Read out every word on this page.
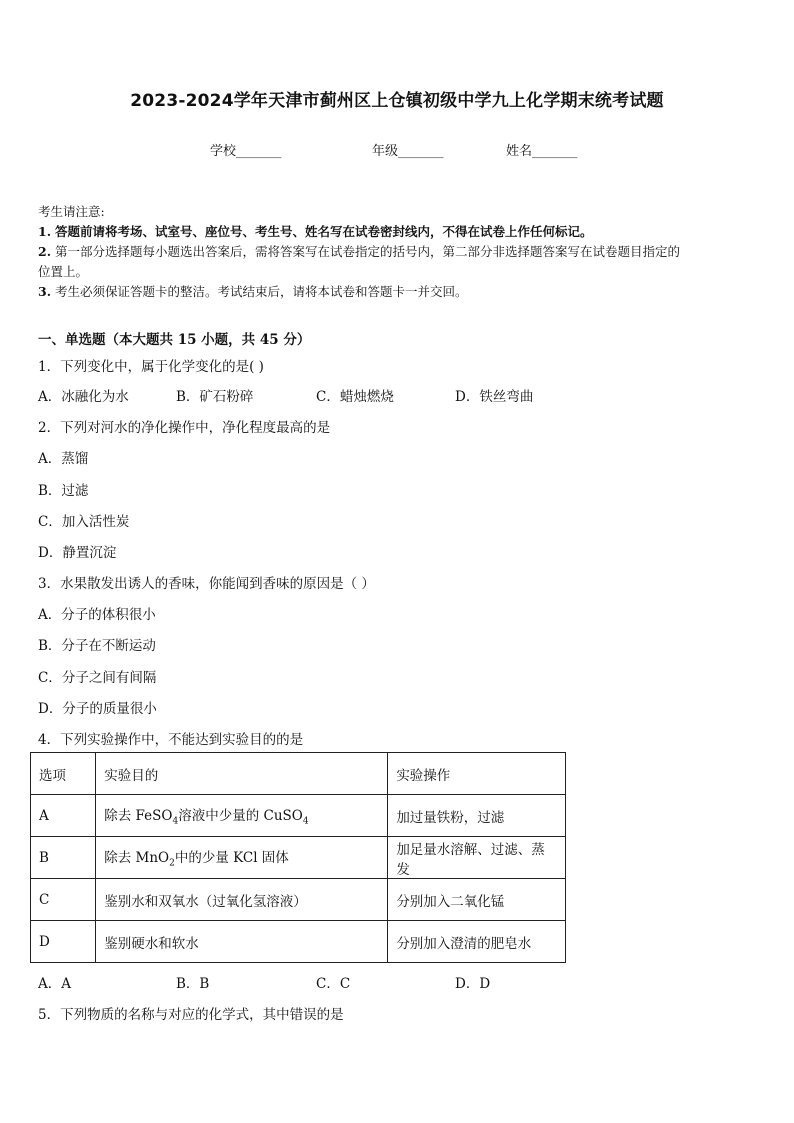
2023-2024学年天津市蓟州区上仓镇初级中学九上化学期末统考试题
学校_______	年级_______	姓名_______
考生请注意:
1. 答题前请将考场、试室号、座位号、考生号、姓名写在试卷密封线内，不得在试卷上作任何标记。
2. 第一部分选择题每小题选出答案后，需将答案写在试卷指定的括号内，第二部分非选择题答案写在试卷题目指定的
位置上。
3. 考生必须保证答题卡的整洁。考试结束后，请将本试卷和答题卡一并交回。
一、单选题（本大题共 15 小题，共 45 分）
1．下列变化中，属于化学变化的是( )
A．冰融化为水	B．矿石粉碎	C．蜡烛燃烧	D．铁丝弯曲
2．下列对河水的净化操作中，净化程度最高的是
A．蒸馏
B．过滤
C．加入活性炭
D．静置沉淀
3．水果散发出诱人的香味，你能闻到香味的原因是（ ）
A．分子的体积很小
B．分子在不断运动
C．分子之间有间隔
D．分子的质量很小
4．下列实验操作中，不能达到实验目的的是
选项	实验目的	实验操作
A	除去 FeSO$_4$溶液中少量的 CuSO$_4$	加过量铁粉，过滤
B	除去 MnO$_2$中的少量 KCl 固体	加足量水溶解、过滤、蒸发
C	鉴别水和双氧水（过氧化氢溶液）	分别加入二氧化锰
D	鉴别硬水和软水	分别加入澄清的肥皂水
A．A	B．B	C．C	D．D
5．下列物质的名称与对应的化学式，其中错误的是
